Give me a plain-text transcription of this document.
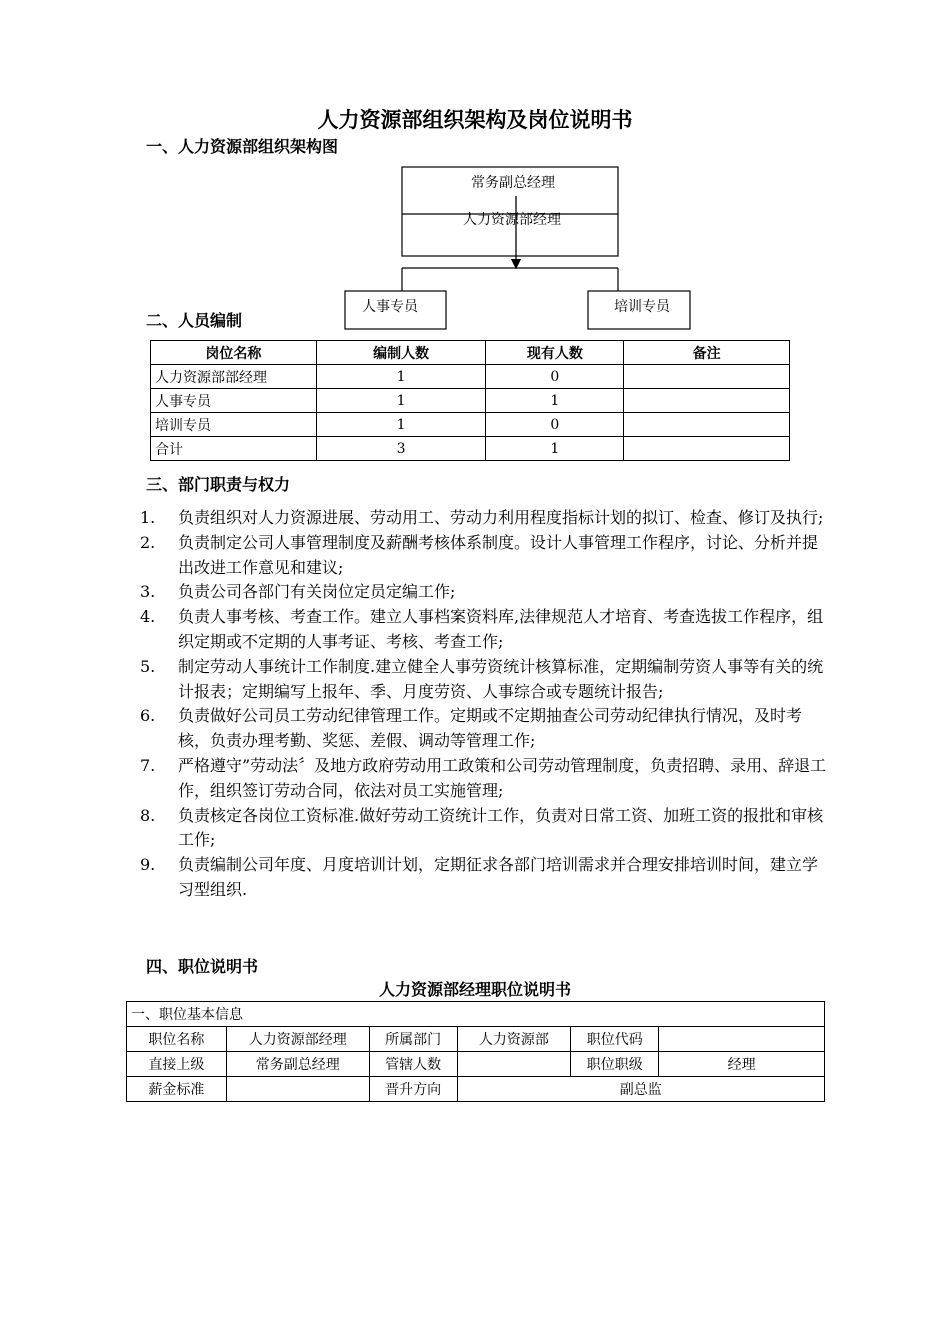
人力资源部组织架构及岗位说明书
一、人力资源部组织架构图
常务副总经理
人力资源部经理
人事专员	培训专员
二、人员编制
岗位名称	编制人数	现有人数	备注
人力资源部部经理	1	0	
人事专员	1	1	
培训专员	1	0	
合计	3	1	
三、部门职责与权力
1.	负责组织对人力资源进展、劳动用工、劳动力利用程度指标计划的拟订、检查、修订及执行;
2.	负责制定公司人事管理制度及薪酬考核体系制度。设计人事管理工作程序，讨论、分析并提出改进工作意见和建议;
3.	负责公司各部门有关岗位定员定编工作;
4.	负责人事考核、考查工作。建立人事档案资料库,法律规范人才培育、考查选拔工作程序，组织定期或不定期的人事考证、考核、考查工作;
5.	制定劳动人事统计工作制度.建立健全人事劳资统计核算标准，定期编制劳资人事等有关的统计报表；定期编写上报年、季、月度劳资、人事综合或专题统计报告;
6.	负责做好公司员工劳动纪律管理工作。定期或不定期抽查公司劳动纪律执行情况，及时考核，负责办理考勤、奖惩、差假、调动等管理工作;
7.	严格遵守”劳动法〞及地方政府劳动用工政策和公司劳动管理制度，负责招聘、录用、辞退工作，组织签订劳动合同，依法对员工实施管理;
8.	负责核定各岗位工资标准.做好劳动工资统计工作，负责对日常工资、加班工资的报批和审核工作;
9.	负责编制公司年度、月度培训计划，定期征求各部门培训需求并合理安排培训时间，建立学习型组织.
四、职位说明书
人力资源部经理职位说明书
一、职位基本信息					
职位名称	人力资源部经理	所属部门	人力资源部	职位代码	
直接上级	常务副总经理	管辖人数		职位职级	经理
薪金标准		晋升方向	副总监		
